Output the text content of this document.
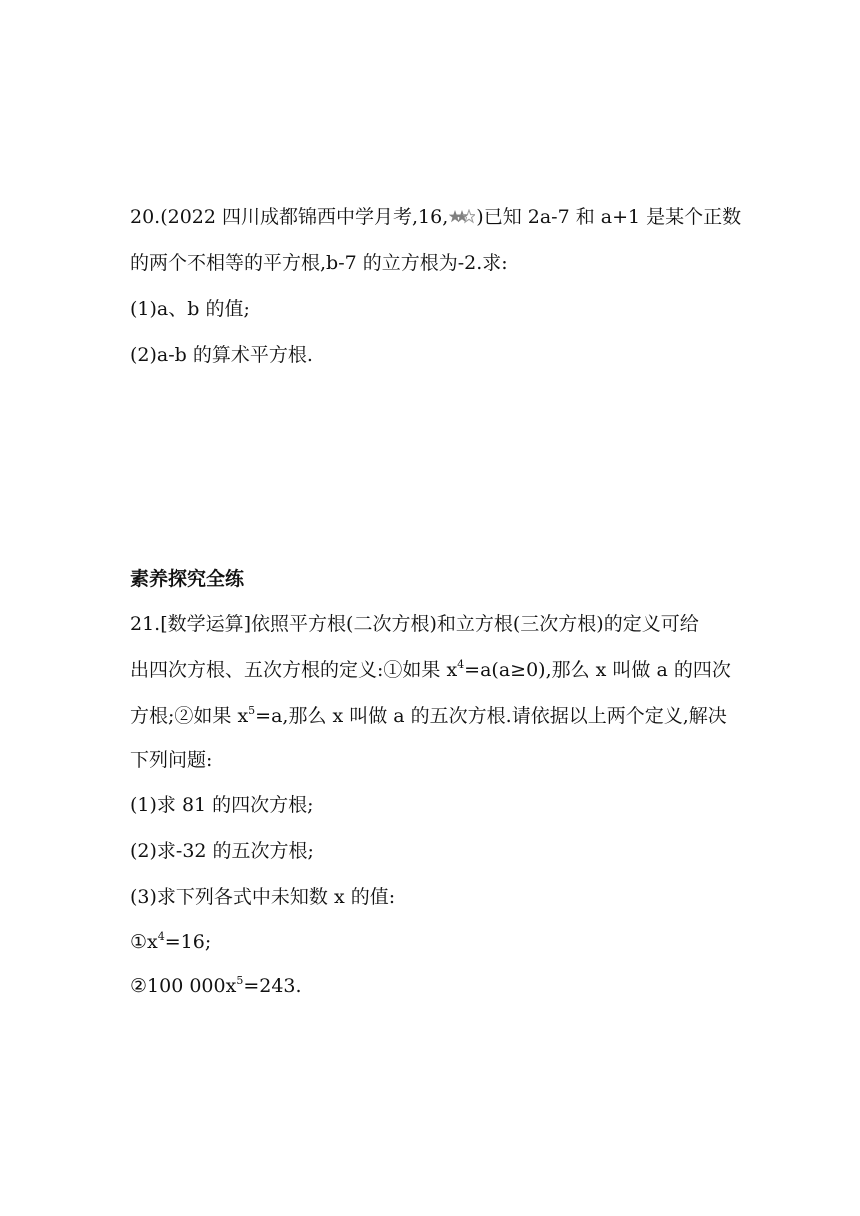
20.(2022 四川成都锦西中学月考,16, )已知 2a-7 和 a+1 是某个正数
的两个不相等的平方根,b-7 的立方根为-2.求:
(1)a、b 的值;
(2)a-b 的算术平方根.
素养探究全练
21.[数学运算]依照平方根(二次方根)和立方根(三次方根)的定义可给
出四次方根、五次方根的定义:①如果 $x^4=a(a\ge 0)$,那么 x 叫做 a 的四次
方根;②如果 $x^5=a$,那么 x 叫做 a 的五次方根.请依据以上两个定义,解决
下列问题:
(1)求 81 的四次方根;
(2)求-32 的五次方根;
(3)求下列各式中未知数 x 的值:
$①x^4=16$;
②100 $000x^5=243$.
